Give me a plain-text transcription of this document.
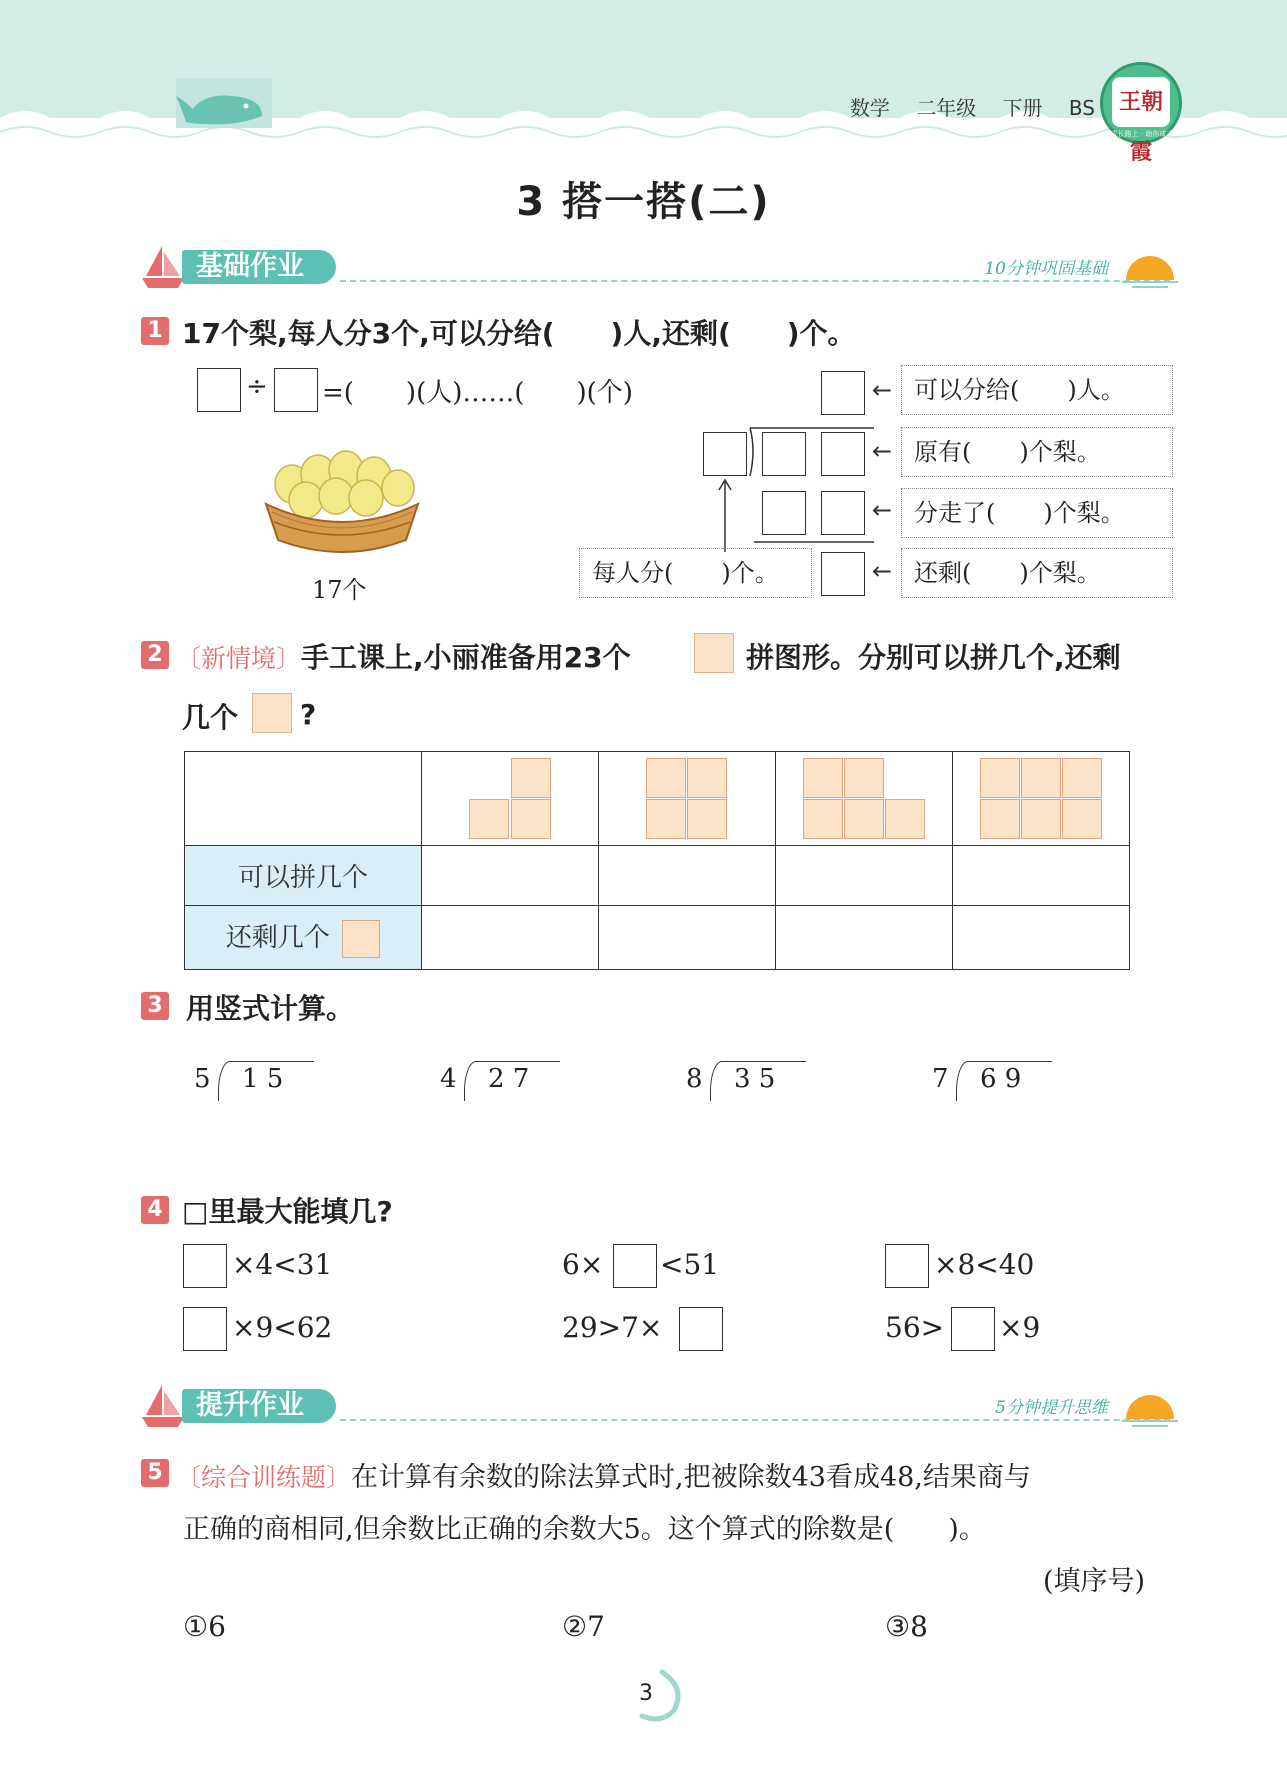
数学 二年级 下册 BS	王朝霞
成长路上 · 助你成才
3 搭一搭(二)
基础作业	10分钟巩固基础
1 17个梨,每人分3个,可以分给(　　)人,还剩(　　)个。
÷ =(　　)(人)……(　　)(个)
17个
← 可以分给(　　)人。
← 原有(　　)个梨。
← 分走了(　　)个梨。
← 还剩(　　)个梨。
每人分(　　)个。
2 〔新情境〕手工课上,小丽准备用23个	拼图形。分别可以拼几个,还剩
几个 ?

可以拼几个				
还剩几个				
3 用竖式计算。
5 1 5	4 2 7	8 3 5	7 6 9
4 □里最大能填几?
×4<31	6× <51	×8<40
×9<62	29>7×	56> ×9
提升作业	5分钟提升思维
5 〔综合训练题〕在计算有余数的除法算式时,把被除数43看成48,结果商与
正确的商相同,但余数比正确的余数大5。这个算式的除数是(　　)。
(填序号)
①6	②7	③8
3
